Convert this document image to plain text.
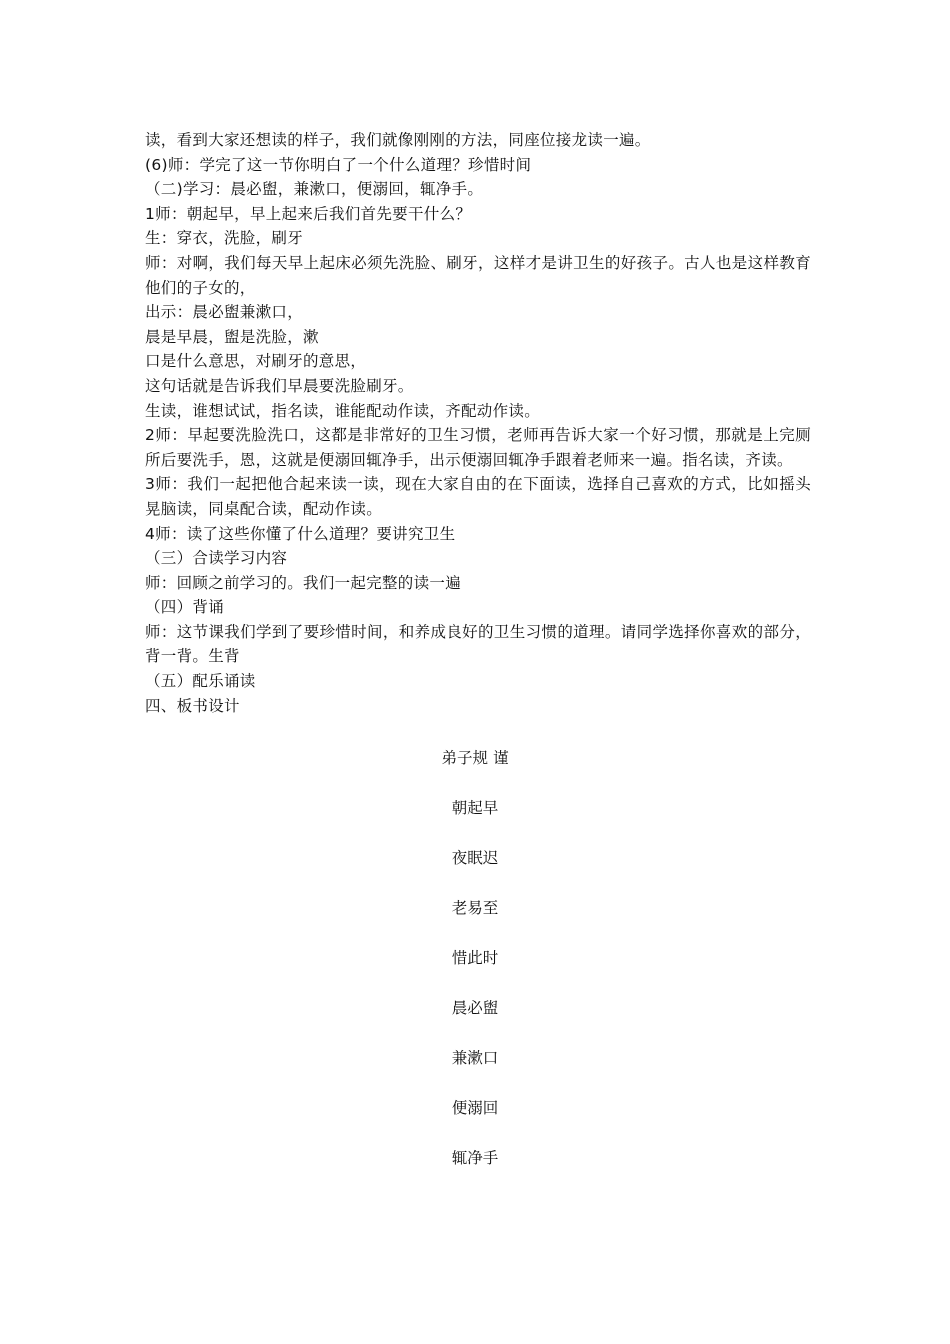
读，看到大家还想读的样子，我们就像刚刚的方法，同座位接龙读一遍。

(6)师：学完了这一节你明白了一个什么道理？珍惜时间

（二)学习：晨必盥，兼漱口，便溺回，辄净手。

1师：朝起早，早上起来后我们首先要干什么？

生：穿衣，洗脸，刷牙

师：对啊，我们每天早上起床必须先洗脸、刷牙，这样才是讲卫生的好孩子。古人也是这样教育他们的子女的，

出示：晨必盥兼漱口，

晨是早晨，盥是洗脸，漱

口是什么意思，对刷牙的意思，

这句话就是告诉我们早晨要洗脸刷牙。

生读，谁想试试，指名读，谁能配动作读，齐配动作读。

2师：早起要洗脸洗口，这都是非常好的卫生习惯，老师再告诉大家一个好习惯，那就是上完厕所后要洗手，恩，这就是便溺回辄净手，出示便溺回辄净手跟着老师来一遍。指名读，齐读。

3师：我们一起把他合起来读一读，现在大家自由的在下面读，选择自己喜欢的方式，比如摇头晃脑读，同桌配合读，配动作读。

4师：读了这些你懂了什么道理？要讲究卫生

（三）合读学习内容

师：回顾之前学习的。我们一起完整的读一遍

（四）背诵

师：这节课我们学到了要珍惜时间，和养成良好的卫生习惯的道理。请同学选择你喜欢的部分，背一背。生背

（五）配乐诵读

四、板书设计

弟子规 谨
朝起早
夜眠迟
老易至
惜此时
晨必盥
兼漱口
便溺回
辄净手
